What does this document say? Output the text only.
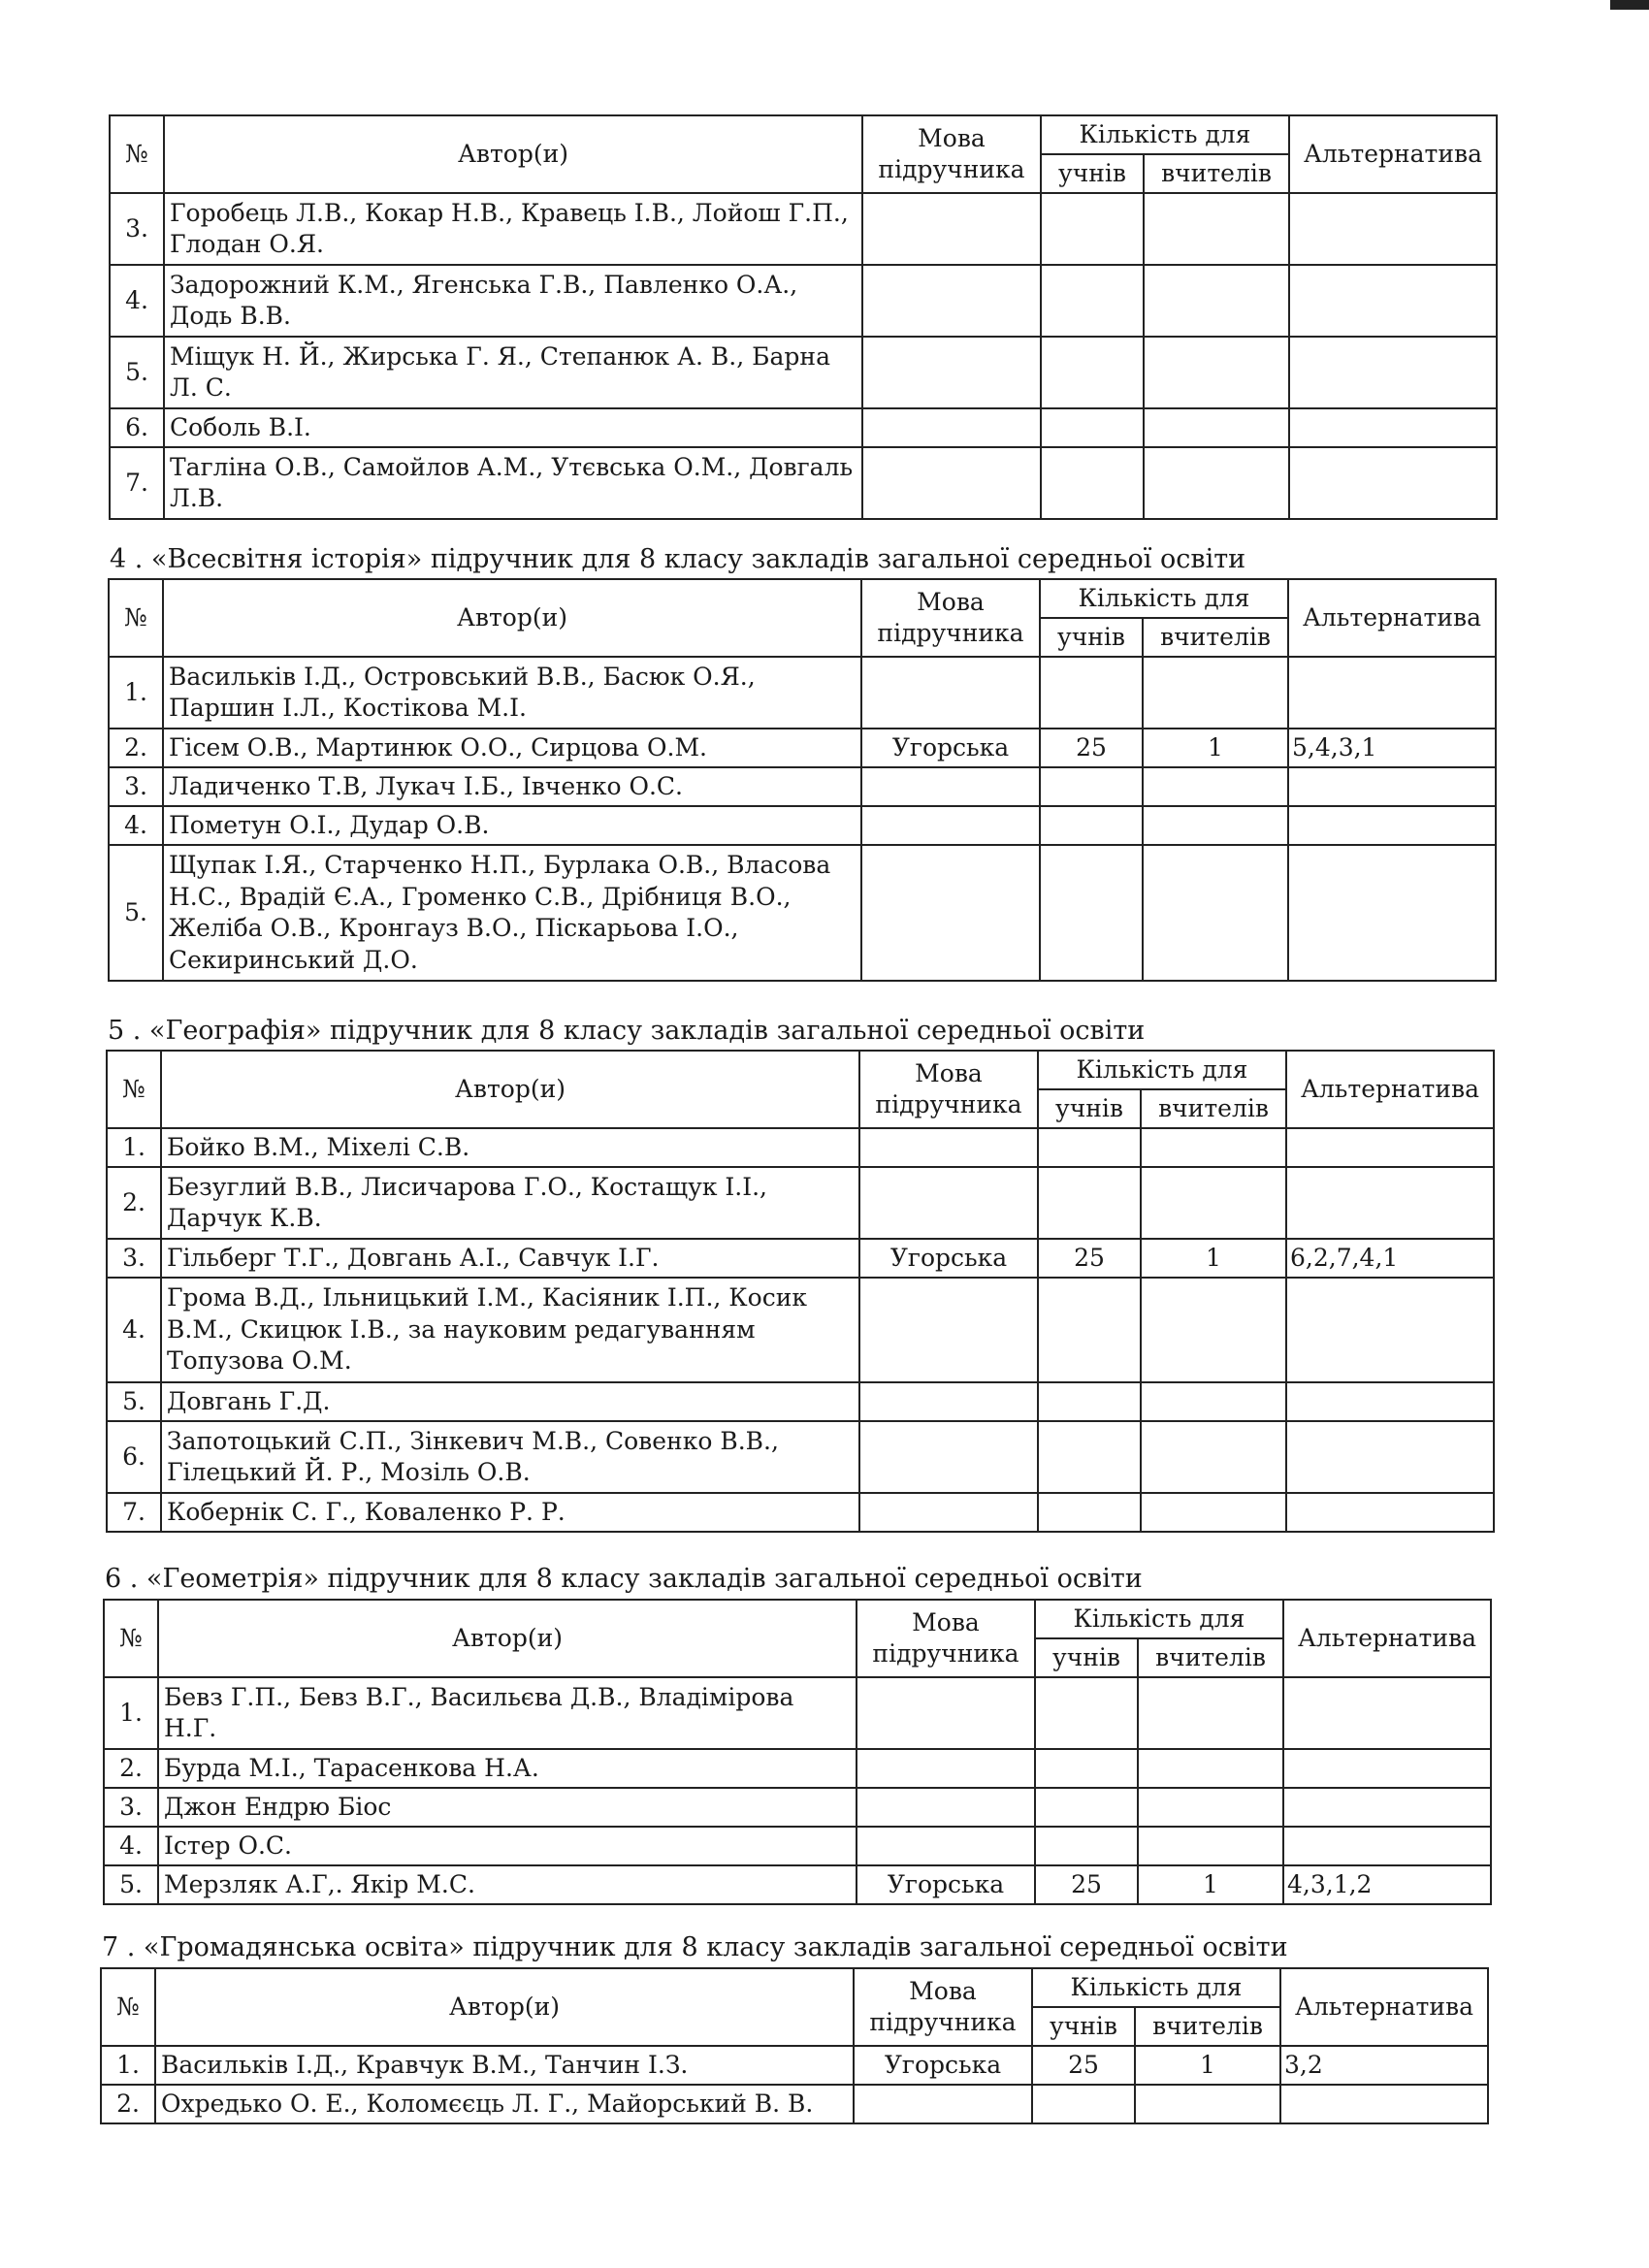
№	Автор(и)	Мова підручника	Кількість для		Альтернатива
			учнів	вчителів	
3.	Горобець Л.В., Кокар Н.В., Кравець І.В., Лойош Г.П., Глодан О.Я.				
4.	Задорожний К.М., Ягенська Г.В., Павленко О.А., Додь В.В.				
5.	Міщук Н. Й., Жирська Г. Я., Степанюк А. В., Барна Л. С.				
6.	Соболь В.І.				
7.	Тагліна О.В., Самойлов А.М., Утєвська О.М., Довгаль Л.В.				
4 . «Всесвітня історія» підручник для 8 класу закладів загальної середньої освіти
№	Автор(и)	Мова підручника	Кількість для		Альтернатива
			учнів	вчителів	
1.	Васильків І.Д., Островський В.В., Басюк О.Я., Паршин І.Л., Костікова М.І.				
2.	Гісем О.В., Мартинюк О.О., Сирцова О.М.	Угорська	25	1	5,4,3,1
3.	Ладиченко Т.В, Лукач І.Б., Івченко О.С.				
4.	Пометун О.І., Дудар О.В.				
5.	Щупак І.Я., Старченко Н.П., Бурлака О.В., Власова Н.С., Врадій Є.А., Громенко С.В., Дрібниця В.О., Желіба О.В., Кронгауз В.О., Піскарьова І.О., Секиринський Д.О.				
5 . «Географія» підручник для 8 класу закладів загальної середньої освіти
№	Автор(и)	Мова підручника	Кількість для		Альтернатива
			учнів	вчителів	
1.	Бойко В.М., Міхелі С.В.				
2.	Безуглий В.В., Лисичарова Г.О., Костащук І.І., Дарчук К.В.				
3.	Гільберг Т.Г., Довгань А.І., Савчук І.Г.	Угорська	25	1	6,2,7,4,1
4.	Грома В.Д., Ільницький І.М., Касіяник І.П., Косик В.М., Скицюк І.В., за науковим редагуванням Топузова О.М.				
5.	Довгань Г.Д.				
6.	Запотоцький С.П., Зінкевич М.В., Совенко В.В., Гілецький Й. Р., Мозіль О.В.				
7.	Кобернік С. Г., Коваленко Р. Р.				
6 . «Геометрія» підручник для 8 класу закладів загальної середньої освіти
№	Автор(и)	Мова підручника	Кількість для		Альтернатива
			учнів	вчителів	
1.	Бевз Г.П., Бевз В.Г., Васильєва Д.В., Владімірова Н.Г.				
2.	Бурда М.І., Тарасенкова Н.А.				
3.	Джон Ендрю Біос				
4.	Істер О.С.				
5.	Мерзляк А.Г,. Якір М.С.	Угорська	25	1	4,3,1,2
7 . «Громадянська освіта» підручник для 8 класу закладів загальної середньої освіти
№	Автор(и)	Мова підручника	Кількість для		Альтернатива
			учнів	вчителів	
1.	Васильків І.Д., Кравчук В.М., Танчин І.З.	Угорська	25	1	3,2
2.	Охредько О. Е., Коломєєць Л. Г., Майорський В. В.				
